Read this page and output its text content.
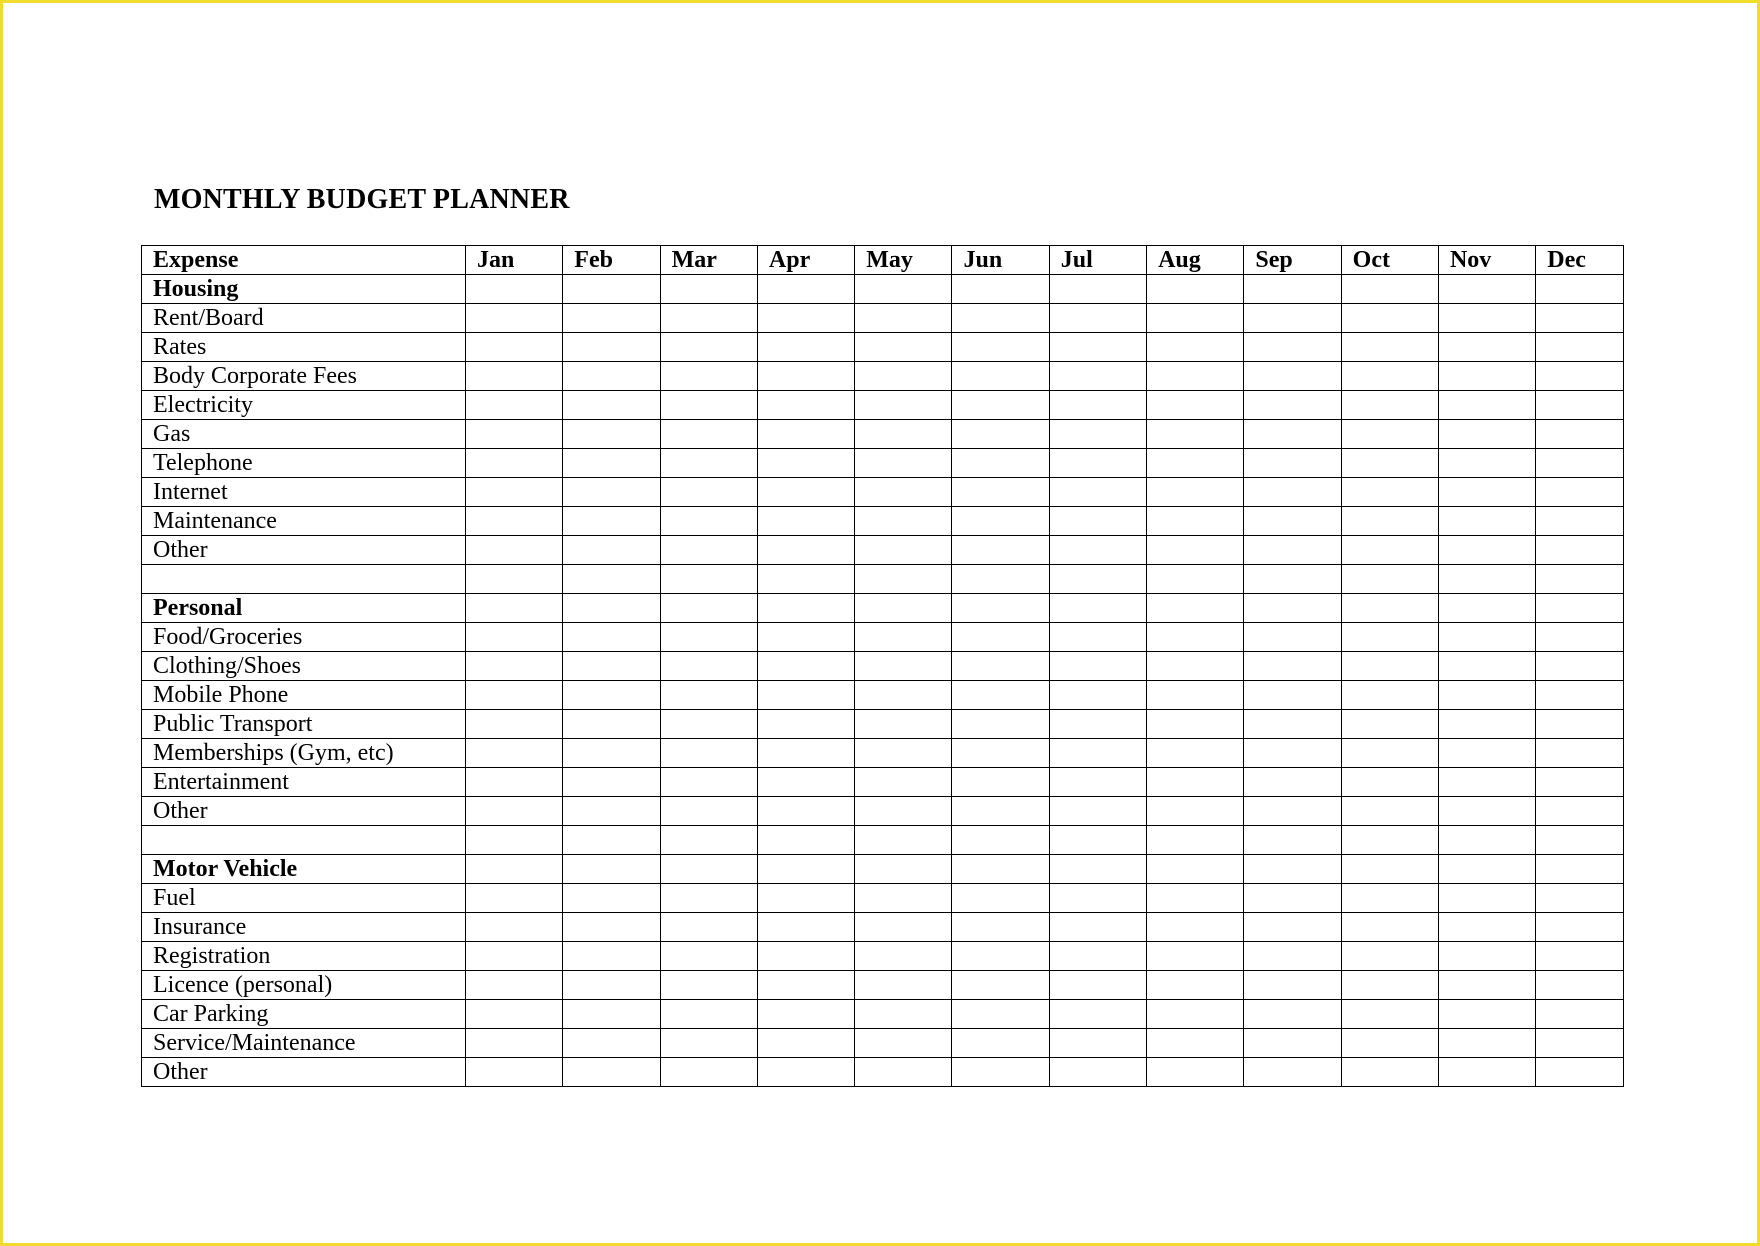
MONTHLY BUDGET PLANNER
Expense	Jan	Feb	Mar	Apr	May	Jun	Jul	Aug	Sep	Oct	Nov	Dec
Housing												
Rent/Board												
Rates												
Body Corporate Fees												
Electricity												
Gas												
Telephone												
Internet												
Maintenance												
Other												

Personal												
Food/Groceries												
Clothing/Shoes												
Mobile Phone												
Public Transport												
Memberships (Gym, etc)												
Entertainment												
Other												

Motor Vehicle												
Fuel												
Insurance												
Registration												
Licence (personal)												
Car Parking												
Service/Maintenance												
Other												
